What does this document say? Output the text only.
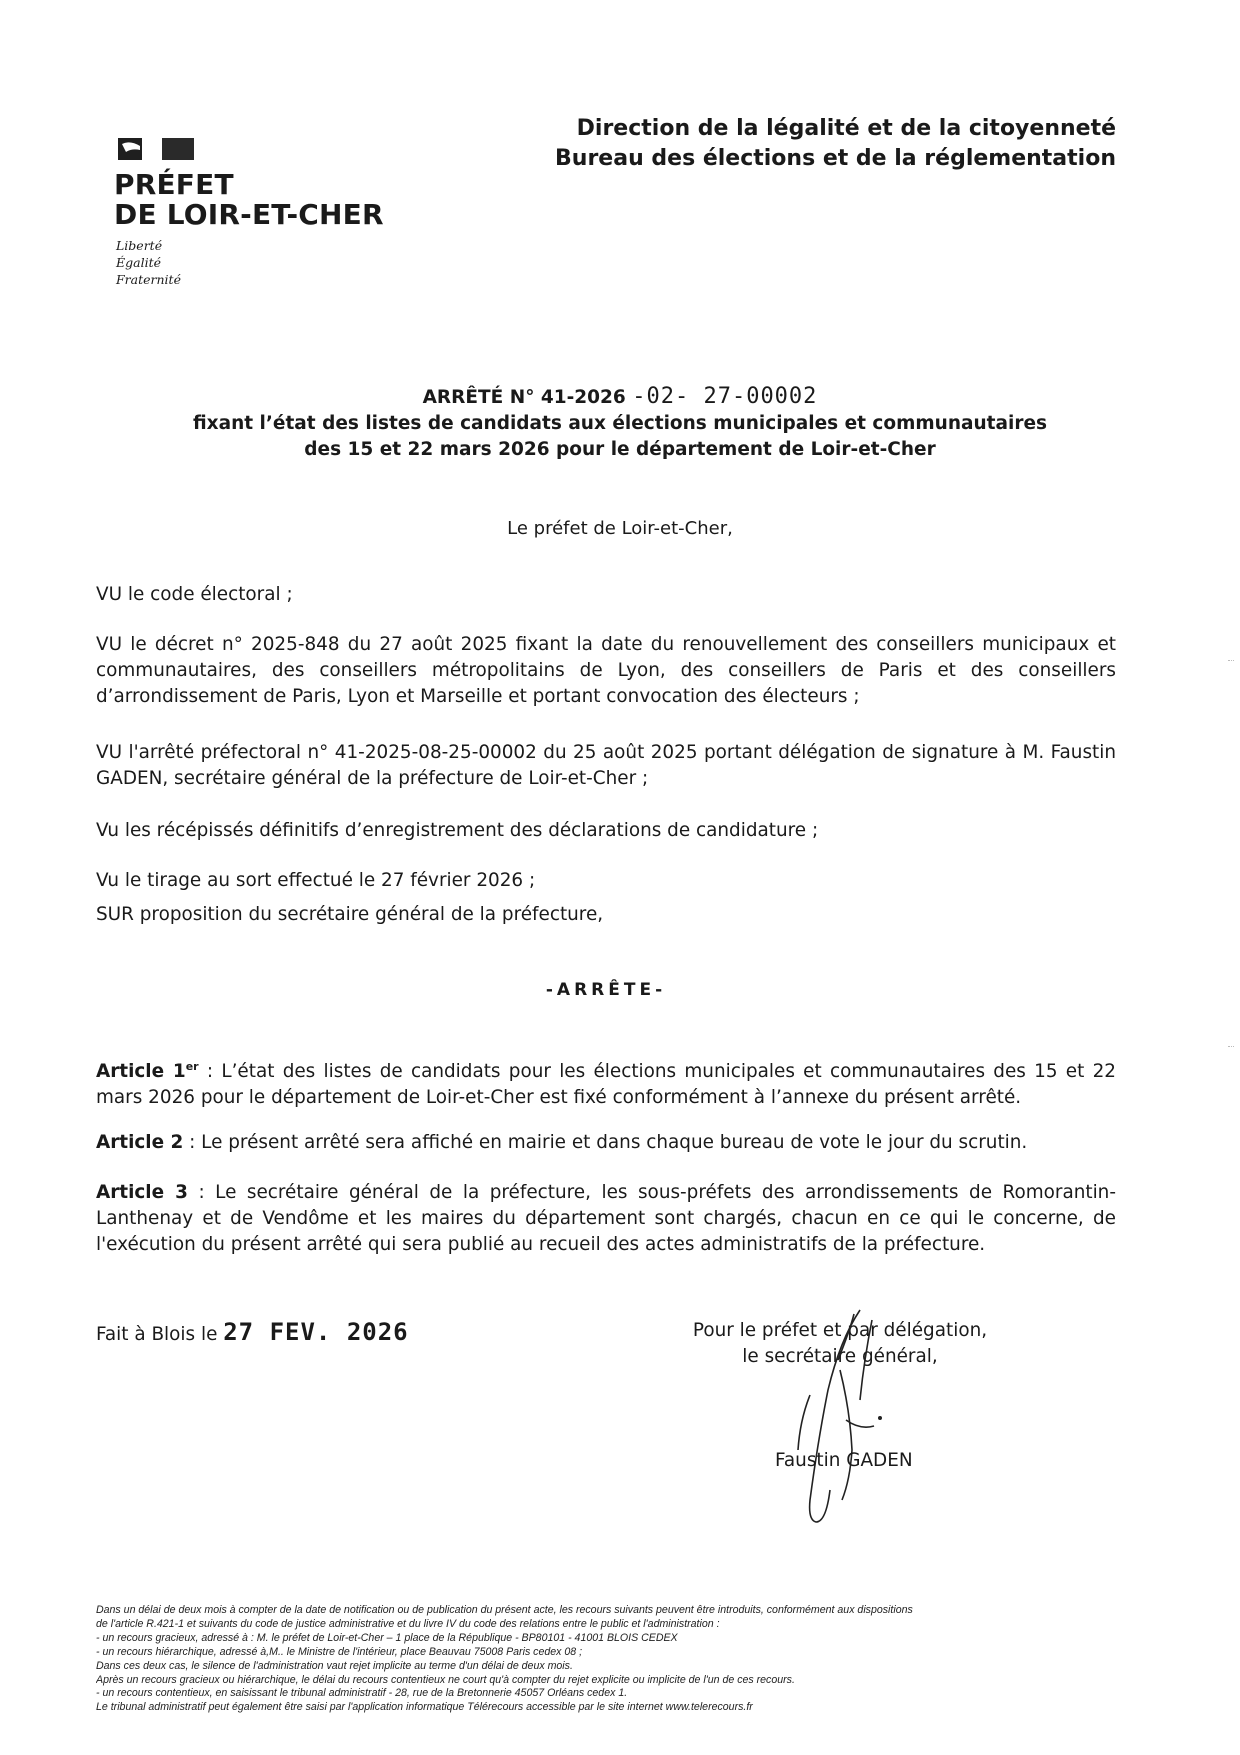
PRÉFET
DE LOIR-ET-CHER
Liberté
Égalité
Fraternité
Direction de la légalité et de la citoyenneté
Bureau des élections et de la réglementation
ARRÊTÉ N° 41-2026 -02- 27-00002
fixant l’état des listes de candidats aux élections municipales et communautaires
des 15 et 22 mars 2026 pour le département de Loir-et-Cher
Le préfet de Loir-et-Cher,
VU le code électoral ;
VU le décret n° 2025-848 du 27 août 2025 fixant la date du renouvellement des conseillers municipaux et communautaires, des conseillers métropolitains de Lyon, des conseillers de Paris et des conseillers d’arrondissement de Paris, Lyon et Marseille et portant convocation des électeurs ;
VU l'arrêté préfectoral n° 41-2025-08-25-00002 du 25 août 2025 portant délégation de signature à M. Faustin GADEN, secrétaire général de la préfecture de Loir-et-Cher ;
Vu les récépissés définitifs d’enregistrement des déclarations de candidature ;
Vu le tirage au sort effectué le 27 février 2026 ;
SUR proposition du secrétaire général de la préfecture,
-ARRÊTE-
Article 1er : L’état des listes de candidats pour les élections municipales et communautaires des 15 et 22 mars 2026 pour le département de Loir-et-Cher est fixé conformément à l’annexe du présent arrêté.
Article 2 : Le présent arrêté sera affiché en mairie et dans chaque bureau de vote le jour du scrutin.
Article 3 : Le secrétaire général de la préfecture, les sous-préfets des arrondissements de Romorantin-Lanthenay et de Vendôme et les maires du département sont chargés, chacun en ce qui le concerne, de l'exécution du présent arrêté qui sera publié au recueil des actes administratifs de la préfecture.
Fait à Blois le 27 FEV. 2026	Pour le préfet et par délégation,
le secrétaire général,
Faustin GADEN
Dans un délai de deux mois à compter de la date de notification ou de publication du présent acte, les recours suivants peuvent être introduits, conformément aux dispositions
de l'article R.421-1 et suivants du code de justice administrative et du livre IV du code des relations entre le public et l'administration :
- un recours gracieux, adressé à : M. le préfet de Loir-et-Cher – 1 place de la République - BP80101 - 41001 BLOIS CEDEX
- un recours hiérarchique, adressé à,M.. le Ministre de l'intérieur, place Beauvau 75008 Paris cedex 08 ;
Dans ces deux cas, le silence de l'administration vaut rejet implicite au terme d'un délai de deux mois.
Après un recours gracieux ou hiérarchique, le délai du recours contentieux ne court qu'à compter du rejet explicite ou implicite de l'un de ces recours.
- un recours contentieux, en saisissant le tribunal administratif - 28, rue de la Bretonnerie 45057 Orléans cedex 1.
Le tribunal administratif peut également être saisi par l'application informatique Télérecours accessible par le site internet www.telerecours.fr
